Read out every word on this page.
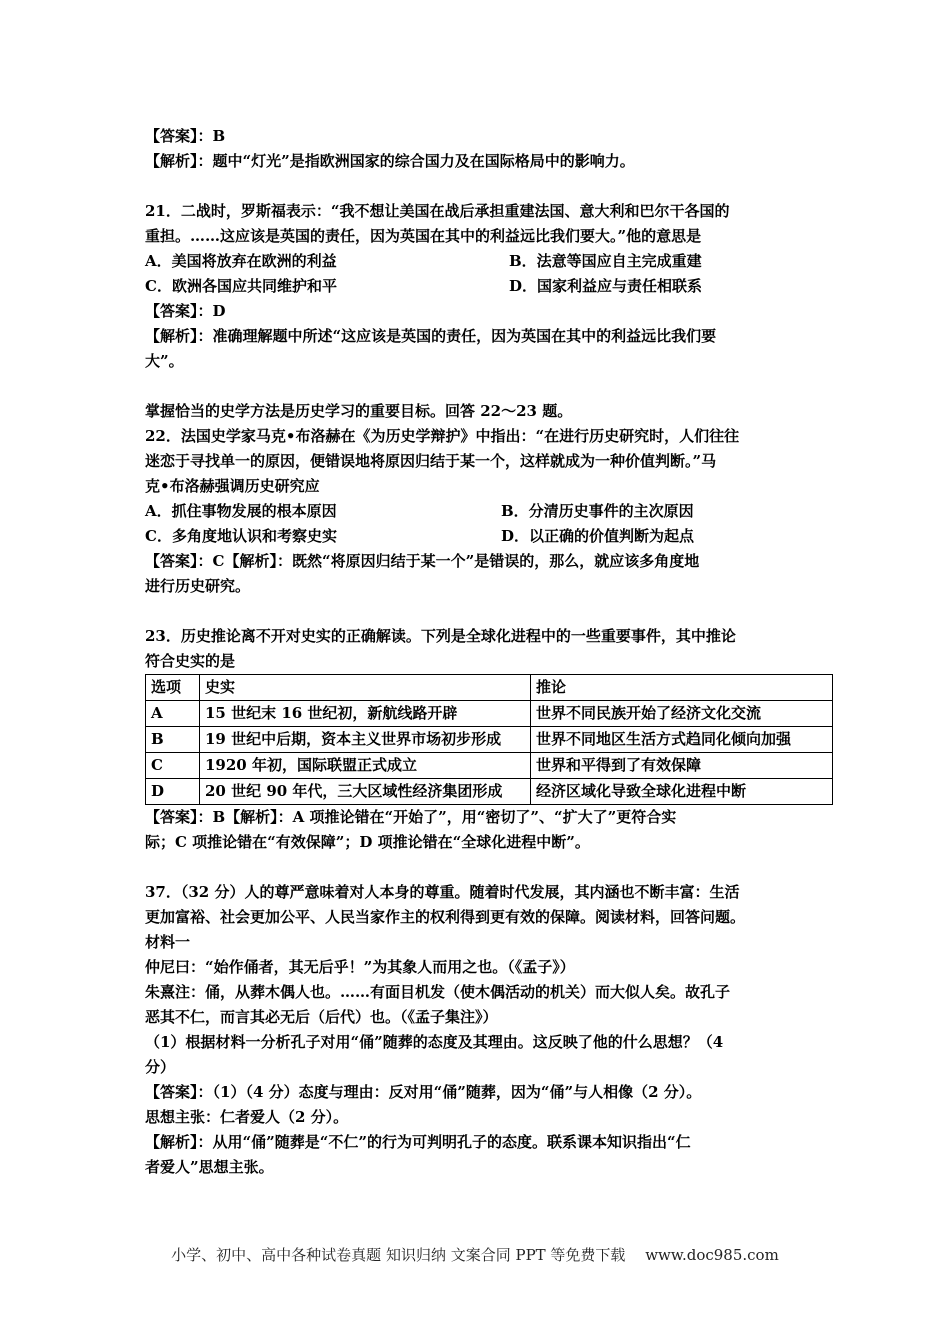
【答案】：B

【解析】：题中“灯光”是指欧洲国家的综合国力及在国际格局中的影响力。

21．二战时，罗斯福表示：“我不想让美国在战后承担重建法国、意大利和巴尔干各国的

重担。……这应该是英国的责任，因为英国在其中的利益远比我们要大。”他的意思是

A．美国将放弃在欧洲的利益	B．法意等国应自主完成重建
C．欧洲各国应共同维护和平	D．国家利益应与责任相联系

【答案】：D

【解析】：准确理解题中所述“这应该是英国的责任，因为英国在其中的利益远比我们要

大”。

掌握恰当的史学方法是历史学习的重要目标。回答 22～23 题。

22．法国史学家马克•布洛赫在《为历史学辩护》中指出：“在进行历史研究时，人们往往

迷恋于寻找单一的原因，便错误地将原因归结于某一个，这样就成为一种价值判断。”马

克•布洛赫强调历史研究应

A．抓住事物发展的根本原因	B．分清历史事件的主次原因
C．多角度地认识和考察史实	D．以正确的价值判断为起点

【答案】：C【解析】：既然“将原因归结于某一个”是错误的，那么，就应该多角度地

进行历史研究。

23．历史推论离不开对史实的正确解读。下列是全球化进程中的一些重要事件，其中推论

符合史实的是

选项	史实	推论
A	15 世纪末 16 世纪初，新航线路开辟	世界不同民族开始了经济文化交流
B	19 世纪中后期，资本主义世界市场初步形成	世界不同地区生活方式趋同化倾向加强
C	1920 年初，国际联盟正式成立	世界和平得到了有效保障
D	20 世纪 90 年代，三大区域性经济集团形成	经济区域化导致全球化进程中断

【答案】：B【解析】：A 项推论错在“开始了”，用“密切了”、“扩大了”更符合实

际；C 项推论错在“有效保障”；D 项推论错在“全球化进程中断”。

37．（32 分）人的尊严意味着对人本身的尊重。随着时代发展，其内涵也不断丰富：生活

更加富裕、社会更加公平、人民当家作主的权利得到更有效的保障。阅读材料，回答问题。

材料一

仲尼曰：“始作俑者，其无后乎！”为其象人而用之也。（《孟子》）

朱熹注：俑，从葬木偶人也。……有面目机发（使木偶活动的机关）而大似人矣。故孔子

恶其不仁，而言其必无后（后代）也。（《孟子集注》）

（1）根据材料一分析孔子对用“俑”随葬的态度及其理由。这反映了他的什么思想？（4

分）

【答案】：（1）（4 分）态度与理由：反对用“俑”随葬，因为“俑”与人相像（2 分）。

思想主张：仁者爱人（2 分）。

【解析】：从用“俑”随葬是“不仁”的行为可判明孔子的态度。联系课本知识指出“仁

者爱人”思想主张。

小学、初中、高中各种试卷真题 知识归纳 文案合同 PPT 等免费下载　 www.doc985.com
